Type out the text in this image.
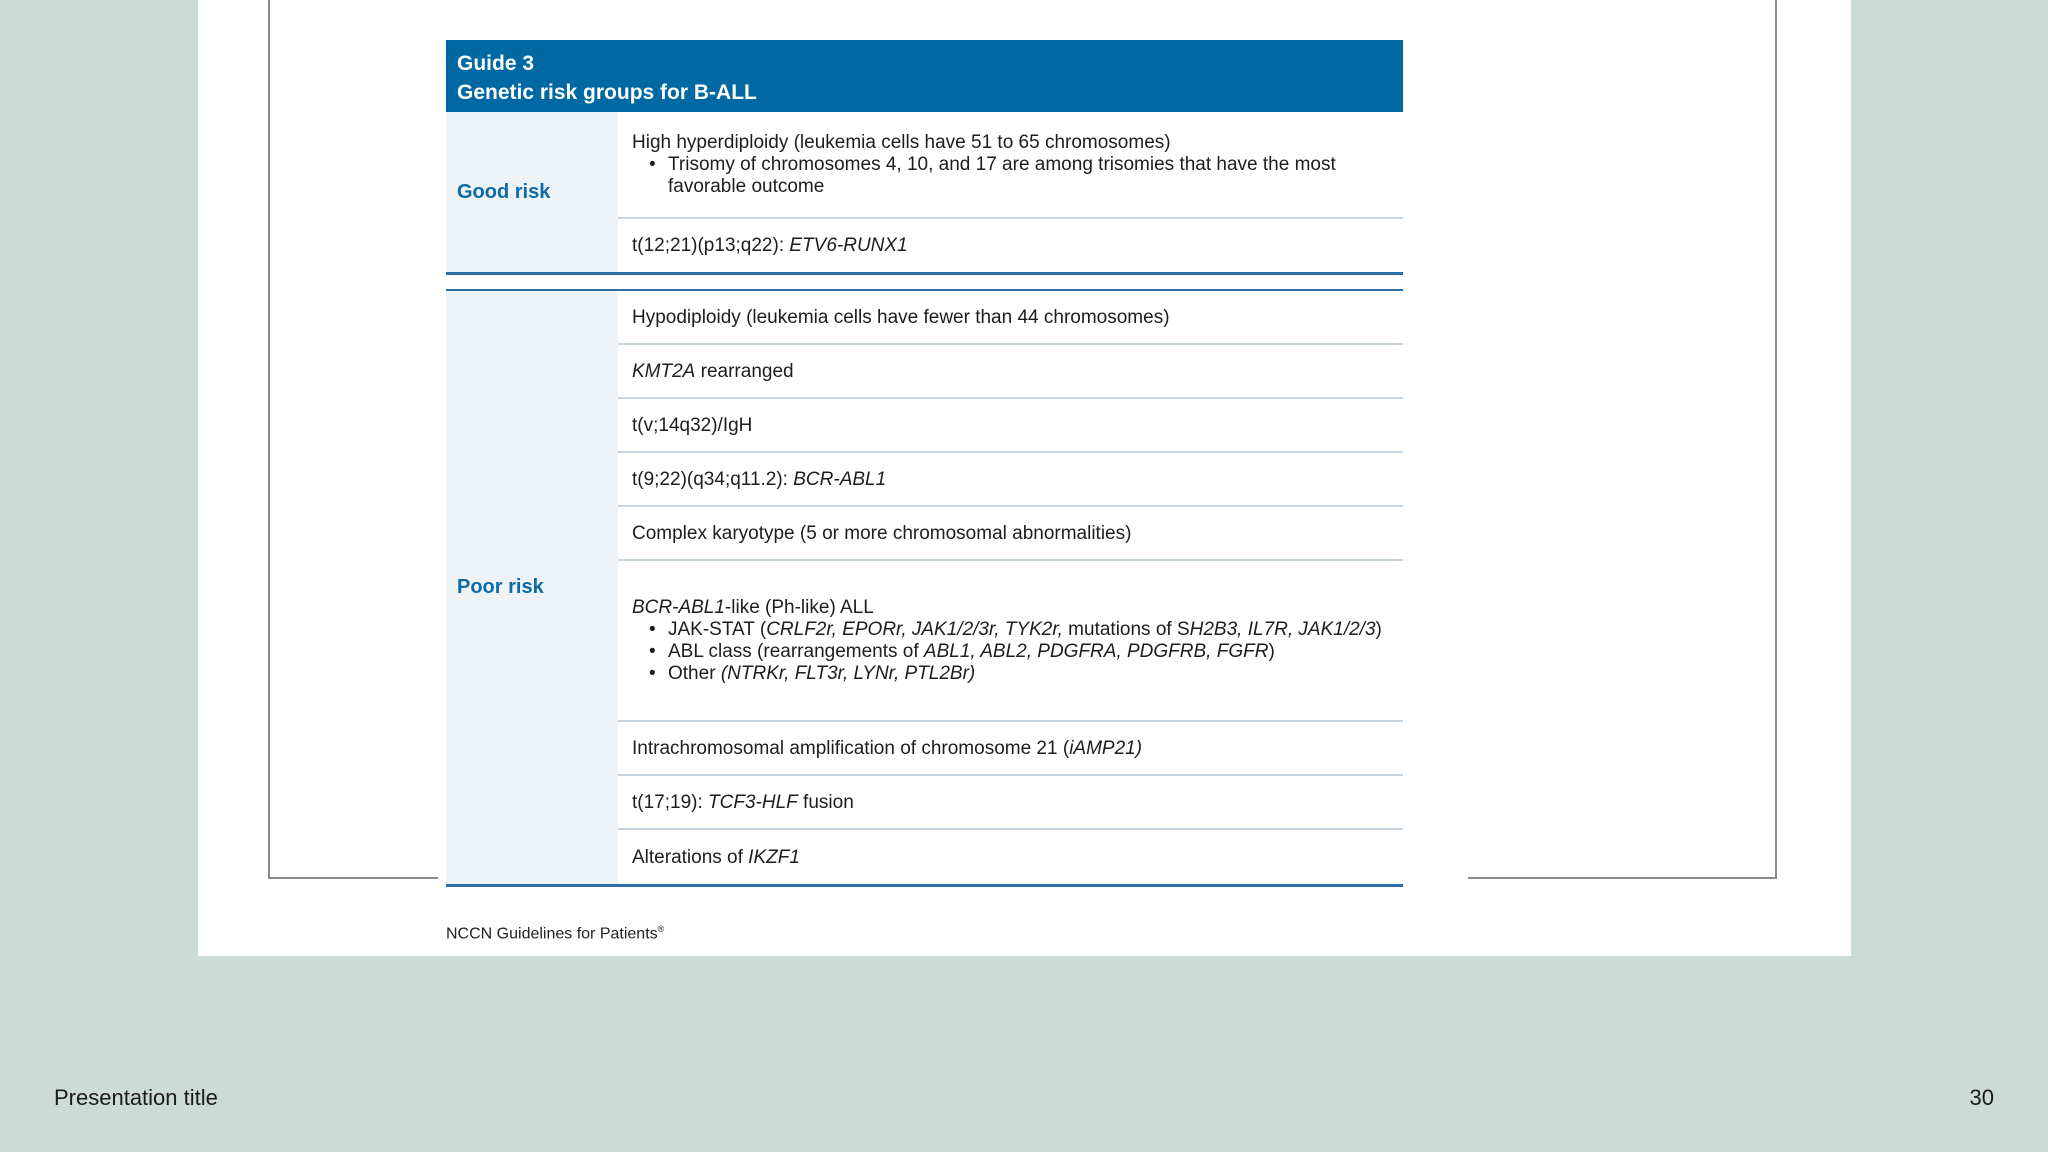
Guide 3
Genetic risk groups for B-ALL
Good risk
High hyperdiploidy (leukemia cells have 51 to 65 chromosomes)
• Trisomy of chromosomes 4, 10, and 17 are among trisomies that have the most favorable outcome
t(12;21)(p13;q22): ETV6-RUNX1
Poor risk
Hypodiploidy (leukemia cells have fewer than 44 chromosomes)
KMT2A rearranged
t(v;14q32)/IgH
t(9;22)(q34;q11.2): BCR-ABL1
Complex karyotype (5 or more chromosomal abnormalities)
BCR-ABL1-like (Ph-like) ALL
• JAK-STAT (CRLF2r, EPORr, JAK1/2/3r, TYK2r, mutations of SH2B3, IL7R, JAK1/2/3)
• ABL class (rearrangements of ABL1, ABL2, PDGFRA, PDGFRB, FGFR)
• Other (NTRKr, FLT3r, LYNr, PTL2Br)
Intrachromosomal amplification of chromosome 21 (iAMP21)
t(17;19): TCF3-HLF fusion
Alterations of IKZF1
NCCN Guidelines for Patients®
Presentation title	30
